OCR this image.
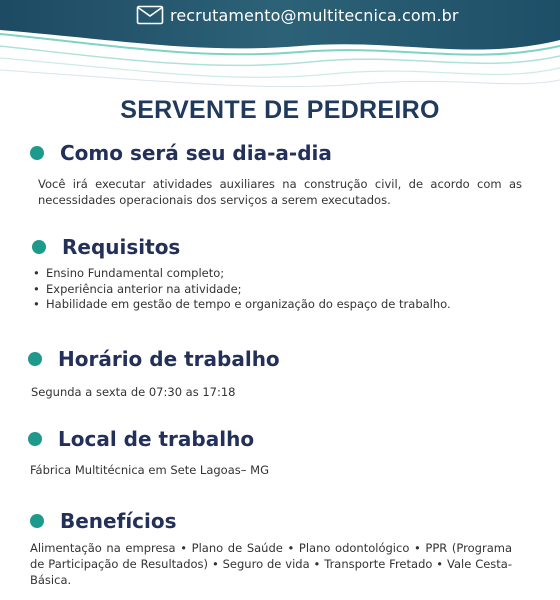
recrutamento@multitecnica.com.br
SERVENTE DE PEDREIRO
Como será seu dia-a-dia
Você irá executar atividades auxiliares na construção civil, de acordo com as necessidades operacionais dos serviços a serem executados.
Requisitos
• Ensino Fundamental completo;
• Experiência anterior na atividade;
• Habilidade em gestão de tempo e organização do espaço de trabalho.
Horário de trabalho
Segunda a sexta de 07:30 as 17:18
Local de trabalho
Fábrica Multitécnica em Sete Lagoas– MG
Benefícios
Alimentação na empresa • Plano de Saúde • Plano odontológico • PPR (Programa de Participação de Resultados) • Seguro de vida • Transporte Fretado • Vale Cesta-Básica.
